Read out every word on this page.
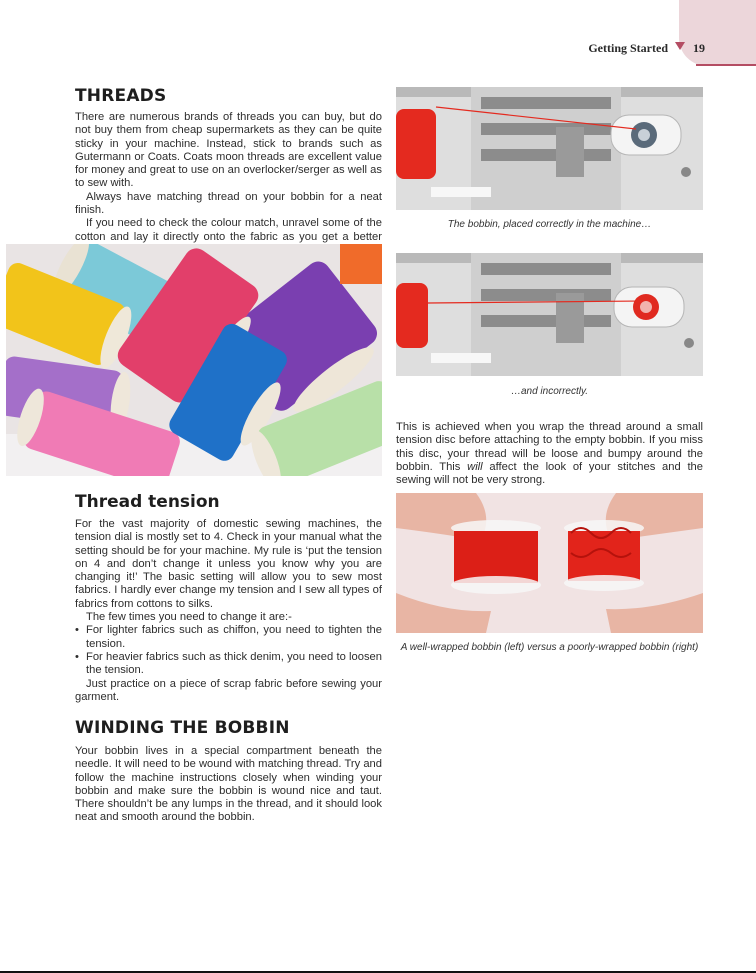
Getting Started	19
THREADS

There are numerous brands of threads you can buy, but do not buy them from cheap supermarkets as they can be quite sticky in your machine. Instead, stick to brands such as Gutermann or Coats. Coats moon threads are excellent value for money and great to use on an overlocker/serger as well as to sew with.

Always have matching thread on your bobbin for a neat finish.

If you need to check the colour match, unravel some of the cotton and lay it directly onto the fabric as you get a better

Thread tension

For the vast majority of domestic sewing machines, the tension dial is mostly set to 4. Check in your manual what the setting should be for your machine. My rule is ‘put the tension on 4 and don’t change it unless you know why you are changing it!’ The basic setting will allow you to sew most fabrics. I hardly ever change my tension and I sew all types of fabrics from cottons to silks.

The few times you need to change it are:-

• For lighter fabrics such as chiffon, you need to tighten the tension.

• For heavier fabrics such as thick denim, you need to loosen the tension.

Just practice on a piece of scrap fabric before sewing your garment.

WINDING THE BOBBIN

Your bobbin lives in a special compartment beneath the needle. It will need to be wound with matching thread. Try and follow the machine instructions closely when winding your bobbin and make sure the bobbin is wound nice and taut. There shouldn’t be any lumps in the thread, and it should look neat and smooth around the bobbin.

The bobbin, placed correctly in the machine…
…and incorrectly.

This is achieved when you wrap the thread around a small tension disc before attaching to the empty bobbin. If you miss this disc, your thread will be loose and bumpy around the bobbin. This will affect the look of your stitches and the sewing will not be very strong.

A well-wrapped bobbin (left) versus a poorly-wrapped bobbin (right)
